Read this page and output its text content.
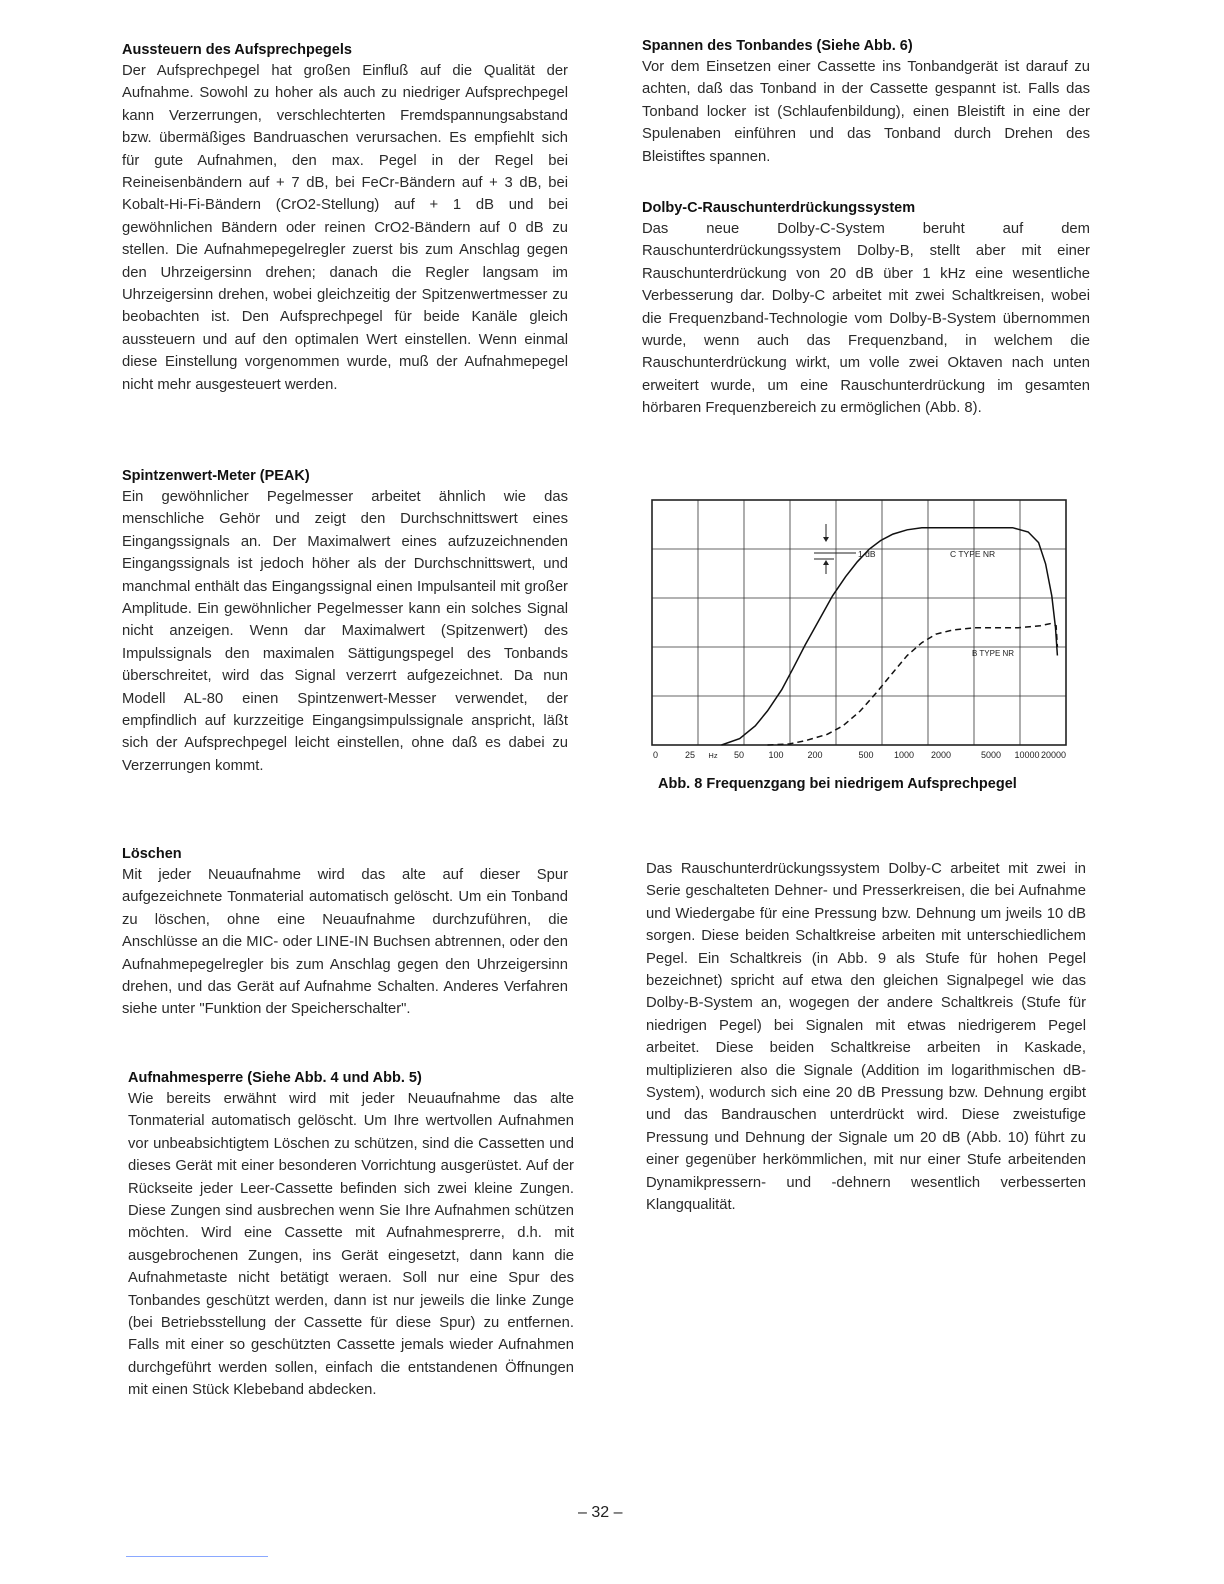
Aussteuern des Aufsprechpegels

Der Aufsprechpegel hat großen Einfluß auf die Qualität der Aufnahme. Sowohl zu hoher als auch zu niedriger Aufsprechpegel kann Verzerrungen, verschlechterten Fremdspannungsabstand bzw. übermäßiges Bandruaschen verursachen. Es empfiehlt sich für gute Aufnahmen, den max. Pegel in der Regel bei Reineisenbändern auf + 7 dB, bei FeCr-Bändern auf + 3 dB, bei Kobalt-Hi-Fi-Bändern (CrO2-Stellung) auf + 1 dB und bei gewöhnlichen Bändern oder reinen CrO2-Bändern auf 0 dB zu stellen. Die Aufnahmepegelregler zuerst bis zum Anschlag gegen den Uhrzeigersinn drehen; danach die Regler langsam im Uhrzeigersinn drehen, wobei gleichzeitig der Spitzenwertmesser zu beobachten ist. Den Aufsprechpegel für beide Kanäle gleich aussteuern und auf den optimalen Wert einstellen. Wenn einmal diese Einstellung vorgenommen wurde, muß der Aufnahmepegel nicht mehr ausgesteuert werden.

Spintzenwert-Meter (PEAK)

Ein gewöhnlicher Pegelmesser arbeitet ähnlich wie das menschliche Gehör und zeigt den Durchschnittswert eines Eingangssignals an. Der Maximalwert eines aufzuzeichnenden Eingangssignals ist jedoch höher als der Durchschnittswert, und manchmal enthält das Eingangssignal einen Impulsanteil mit großer Amplitude. Ein gewöhnlicher Pegelmesser kann ein solches Signal nicht anzeigen. Wenn dar Maximalwert (Spitzenwert) des Impulssignals den maximalen Sättigungspegel des Tonbands überschreitet, wird das Signal verzerrt aufgezeichnet. Da nun Modell AL-80 einen Spintzenwert-Messer verwendet, der empfindlich auf kurzzeitige Eingangsimpulssignale anspricht, läßt sich der Aufsprechpegel leicht einstellen, ohne daß es dabei zu Verzerrungen kommt.

Löschen

Mit jeder Neuaufnahme wird das alte auf dieser Spur aufgezeichnete Tonmaterial automatisch gelöscht. Um ein Tonband zu löschen, ohne eine Neuaufnahme durchzuführen, die Anschlüsse an die MIC- oder LINE-IN Buchsen abtrennen, oder den Aufnahmepegelregler bis zum Anschlag gegen den Uhrzeigersinn drehen, und das Gerät auf Aufnahme Schalten. Anderes Verfahren siehe unter "Funktion der Speicherschalter".

Aufnahmesperre (Siehe Abb. 4 und Abb. 5)

Wie bereits erwähnt wird mit jeder Neuaufnahme das alte Tonmaterial automatisch gelöscht. Um Ihre wertvollen Aufnahmen vor unbeabsichtigtem Löschen zu schützen, sind die Cassetten und dieses Gerät mit einer besonderen Vorrichtung ausgerüstet. Auf der Rückseite jeder Leer-Cassette befinden sich zwei kleine Zungen. Diese Zungen sind ausbrechen wenn Sie Ihre Aufnahmen schützen möchten. Wird eine Cassette mit Aufnahmesprerre, d.h. mit ausgebrochenen Zungen, ins Gerät eingesetzt, dann kann die Aufnahmetaste nicht betätigt weraen. Soll nur eine Spur des Tonbandes geschützt werden, dann ist nur jeweils die linke Zunge (bei Betriebsstellung der Cassette für diese Spur) zu entfernen. Falls mit einer so geschützten Cassette jemals wieder Aufnahmen durchgeführt werden sollen, einfach die entstandenen Öffnungen mit einen Stück Klebeband abdecken.

Spannen des Tonbandes (Siehe Abb. 6)

Vor dem Einsetzen einer Cassette ins Tonbandgerät ist darauf zu achten, daß das Tonband in der Cassette gespannt ist. Falls das Tonband locker ist (Schlaufenbildung), einen Bleistift in eine der Spulenaben einführen und das Tonband durch Drehen des Bleistiftes spannen.

Dolby-C-Rauschunterdrückungssystem

Das neue Dolby-C-System beruht auf dem Rauschunterdrückungssystem Dolby-B, stellt aber mit einer Rauschunterdrückung von 20 dB über 1 kHz eine wesentliche Verbesserung dar. Dolby-C arbeitet mit zwei Schaltkreisen, wobei die Frequenzband-Technologie vom Dolby-B-System übernommen wurde, wenn auch das Frequenzband, in welchem die Rauschunterdrückung wirkt, um volle zwei Oktaven nach unten erweitert wurde, um eine Rauschunterdrückung im gesamten hörbaren Frequenzbereich zu ermöglichen (Abb. 8).

1 dB	C TYPE NR
B TYPE NR
0	25 Hz 50	100	200	500 1000 2000	5000 10000 20000
Abb. 8 Frequenzgang bei niedrigem Aufsprechpegel

Das Rauschunterdrückungssystem Dolby-C arbeitet mit zwei in Serie geschalteten Dehner- und Presserkreisen, die bei Aufnahme und Wiedergabe für eine Pressung bzw. Dehnung um jweils 10 dB sorgen. Diese beiden Schaltkreise arbeiten mit unterschiedlichem Pegel. Ein Schaltkreis (in Abb. 9 als Stufe für hohen Pegel bezeichnet) spricht auf etwa den gleichen Signalpegel wie das Dolby-B-System an, wogegen der andere Schaltkreis (Stufe für niedrigen Pegel) bei Signalen mit etwas niedrigerem Pegel arbeitet. Diese beiden Schaltkreise arbeiten in Kaskade, multiplizieren also die Signale (Addition im logarithmischen dB-System), wodurch sich eine 20 dB Pressung bzw. Dehnung ergibt und das Bandrauschen unterdrückt wird. Diese zweistufige Pressung und Dehnung der Signale um 20 dB (Abb. 10) führt zu einer gegenüber herkömmlichen, mit nur einer Stufe arbeitenden Dynamikpressern- und -dehnern wesentlich verbesserten Klangqualität.

– 32 –
